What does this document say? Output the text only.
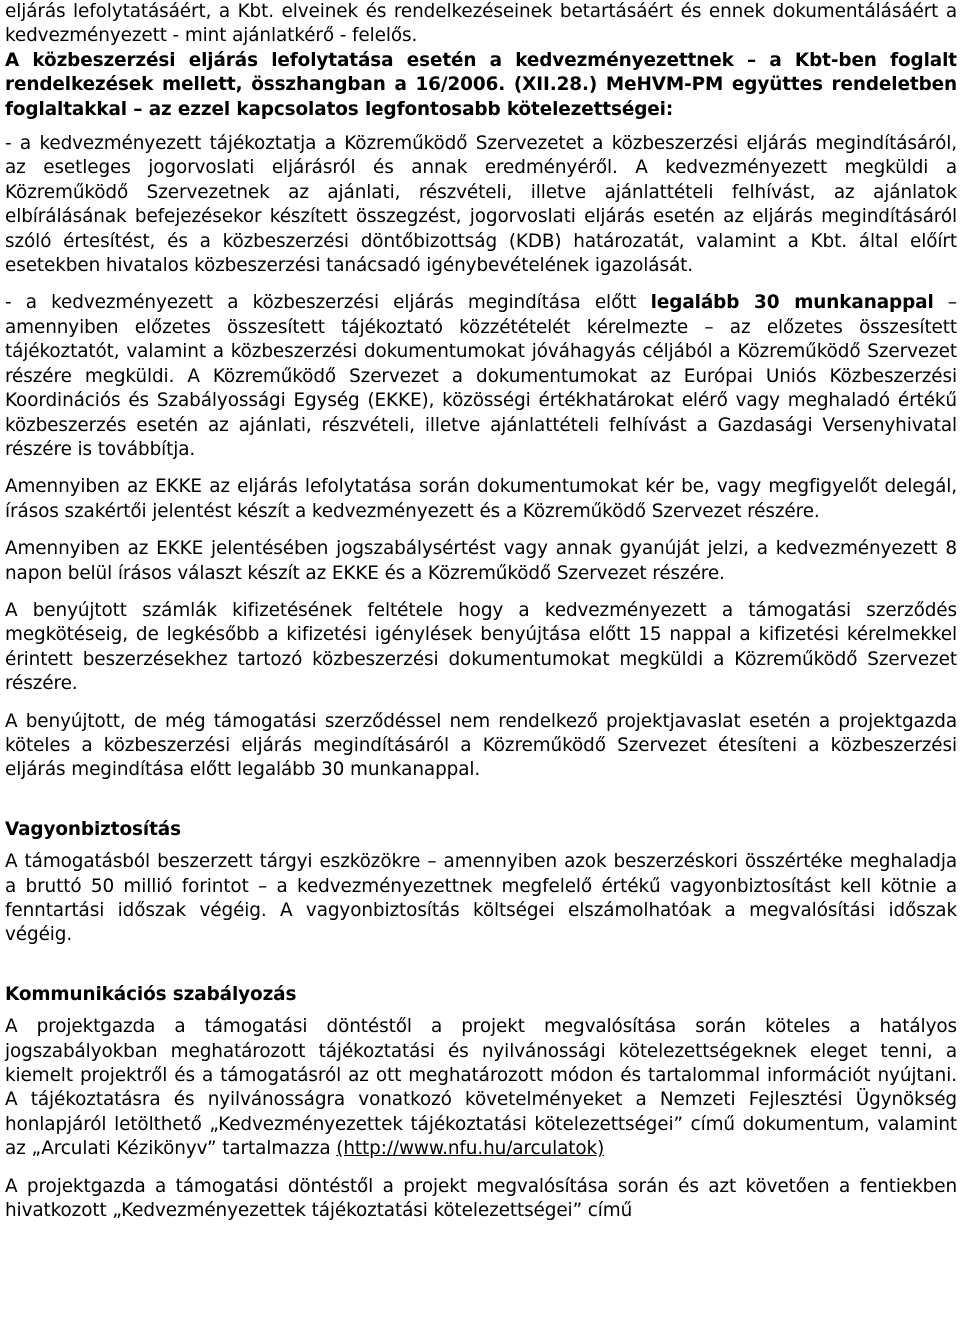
eljárás lefolytatásáért, a Kbt. elveinek és rendelkezéseinek betartásáért és ennek dokumentálásáért a kedvezményezett - mint ajánlatkérő - felelős.

A közbeszerzési eljárás lefolytatása esetén a kedvezményezettnek – a Kbt-ben foglalt rendelkezések mellett, összhangban a 16/2006. (XII.28.) MeHVM-PM együttes rendeletben foglaltakkal – az ezzel kapcsolatos legfontosabb kötelezettségei:

- a kedvezményezett tájékoztatja a Közreműködő Szervezetet a közbeszerzési eljárás megindításáról, az esetleges jogorvoslati eljárásról és annak eredményéről. A kedvezményezett megküldi a Közreműködő Szervezetnek az ajánlati, részvételi, illetve ajánlattételi felhívást, az ajánlatok elbírálásának befejezésekor készített összegzést, jogorvoslati eljárás esetén az eljárás megindításáról szóló értesítést, és a közbeszerzési döntőbizottság (KDB) határozatát, valamint a Kbt. által előírt esetekben hivatalos közbeszerzési tanácsadó igénybevételének igazolását.

- a kedvezményezett a közbeszerzési eljárás megindítása előtt legalább 30 munkanappal – amennyiben előzetes összesített tájékoztató közzétételét kérelmezte – az előzetes összesített tájékoztatót, valamint a közbeszerzési dokumentumokat jóváhagyás céljából a Közreműködő Szervezet részére megküldi. A Közreműködő Szervezet a dokumentumokat az Európai Uniós Közbeszerzési Koordinációs és Szabályossági Egység (EKKE), közösségi értékhatárokat elérő vagy meghaladó értékű közbeszerzés esetén az ajánlati, részvételi, illetve ajánlattételi felhívást a Gazdasági Versenyhivatal részére is továbbítja.

Amennyiben az EKKE az eljárás lefolytatása során dokumentumokat kér be, vagy megfigyelőt delegál, írásos szakértői jelentést készít a kedvezményezett és a Közreműködő Szervezet részére.

Amennyiben az EKKE jelentésében jogszabálysértést vagy annak gyanúját jelzi, a kedvezményezett 8 napon belül írásos választ készít az EKKE és a Közreműködő Szervezet részére.

A benyújtott számlák kifizetésének feltétele hogy a kedvezményezett a támogatási szerződés megkötéseig, de legkésőbb a kifizetési igénylések benyújtása előtt 15 nappal a kifizetési kérelmekkel érintett beszerzésekhez tartozó közbeszerzési dokumentumokat megküldi a Közreműködő Szervezet részére.

A benyújtott, de még támogatási szerződéssel nem rendelkező projektjavaslat esetén a projektgazda köteles a közbeszerzési eljárás megindításáról a Közreműködő Szervezet étesíteni a közbeszerzési eljárás megindítása előtt legalább 30 munkanappal.

Vagyonbiztosítás

A támogatásból beszerzett tárgyi eszközökre – amennyiben azok beszerzéskori összértéke meghaladja a bruttó 50 millió forintot – a kedvezményezettnek megfelelő értékű vagyonbiztosítást kell kötnie a fenntartási időszak végéig. A vagyonbiztosítás költségei elszámolhatóak a megvalósítási időszak végéig.

Kommunikációs szabályozás

A projektgazda a támogatási döntéstől a projekt megvalósítása során köteles a hatályos jogszabályokban meghatározott tájékoztatási és nyilvánossági kötelezettségeknek eleget tenni, a kiemelt projektről és a támogatásról az ott meghatározott módon és tartalommal információt nyújtani. A tájékoztatásra és nyilvánosságra vonatkozó követelményeket a Nemzeti Fejlesztési Ügynökség honlapjáról letölthető „Kedvezményezettek tájékoztatási kötelezettségei” című dokumentum, valamint az „Arculati Kézikönyv” tartalmazza (http://www.nfu.hu/arculatok)

A projektgazda a támogatási döntéstől a projekt megvalósítása során és azt követően a fentiekben hivatkozott „Kedvezményezettek tájékoztatási kötelezettségei” című
